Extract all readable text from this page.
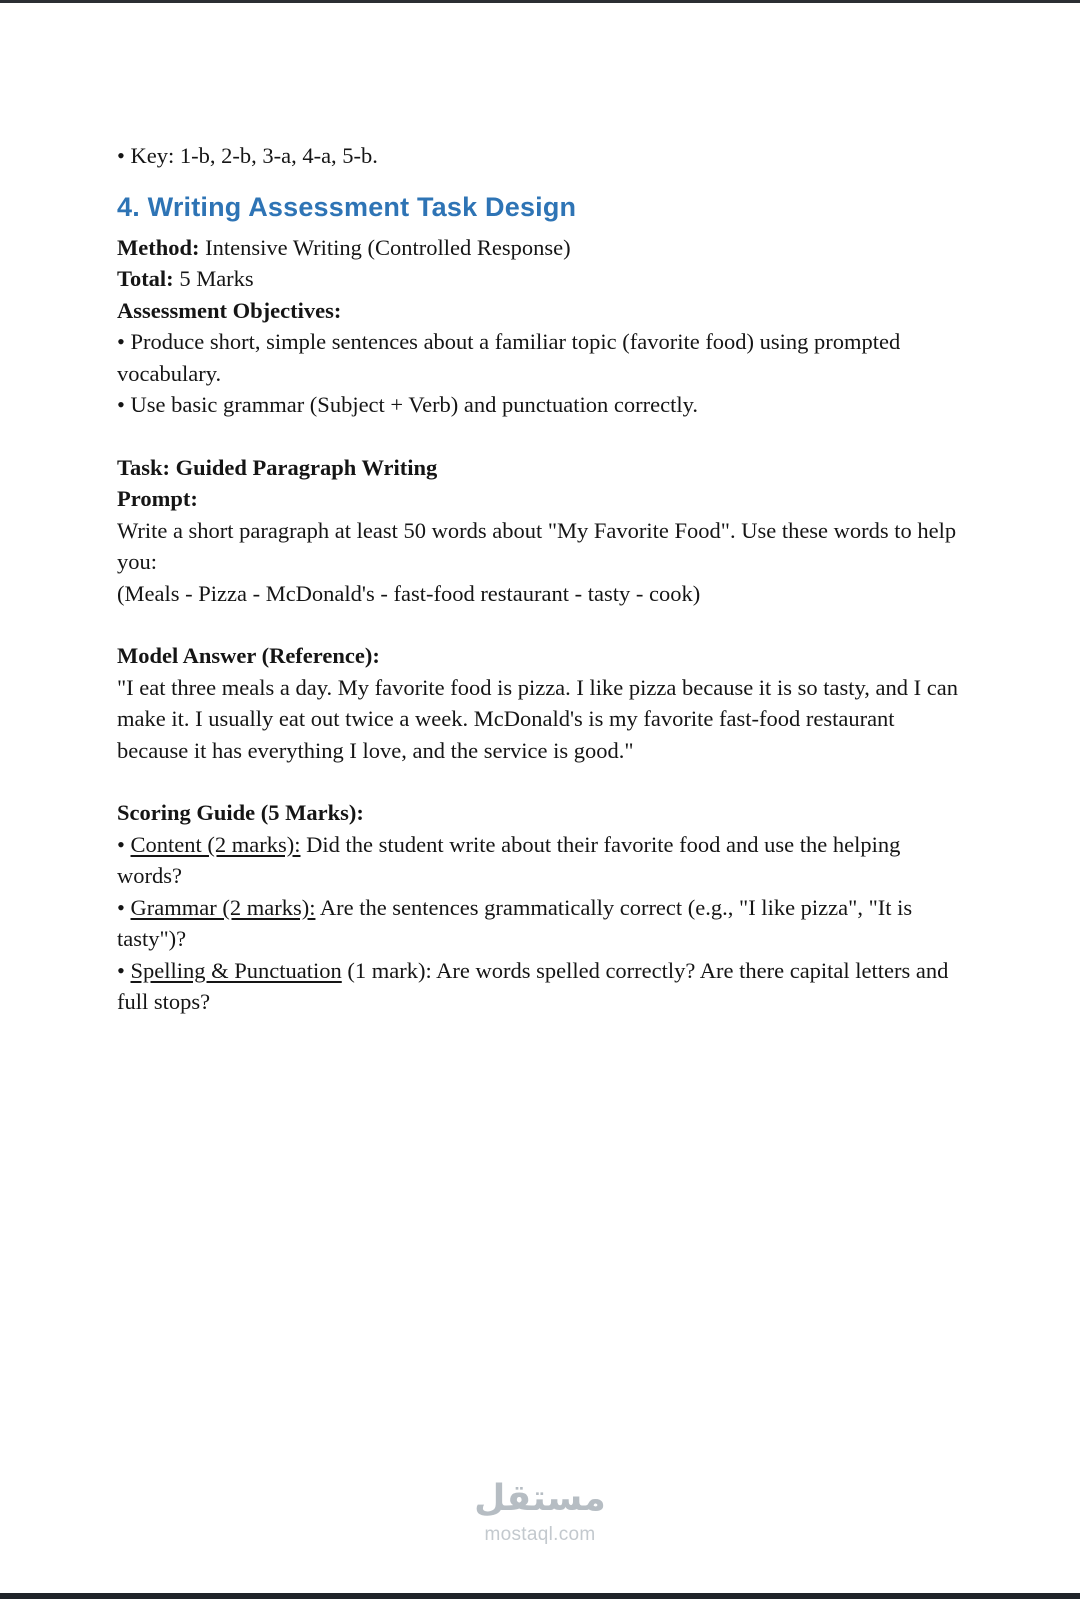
• Key: 1-b, 2-b, 3-a, 4-a, 5-b.

4. Writing Assessment Task Design

Method: Intensive Writing (Controlled Response)

Total: 5 Marks

Assessment Objectives:

• Produce short, simple sentences about a familiar topic (favorite food) using prompted vocabulary.

• Use basic grammar (Subject + Verb) and punctuation correctly.

Task: Guided Paragraph Writing

Prompt:

Write a short paragraph at least 50 words about "My Favorite Food". Use these words to help you:

(Meals - Pizza - McDonald's - fast-food restaurant - tasty - cook)

Model Answer (Reference):

"I eat three meals a day. My favorite food is pizza. I like pizza because it is so tasty, and I can make it. I usually eat out twice a week. McDonald's is my favorite fast-food restaurant because it has everything I love, and the service is good."

Scoring Guide (5 Marks):

• Content (2 marks): Did the student write about their favorite food and use the helping words?

• Grammar (2 marks): Are the sentences grammatically correct (e.g., "I like pizza", "It is tasty")?

• Spelling & Punctuation (1 mark): Are words spelled correctly? Are there capital letters and full stops?

مستقل
mostaql.com
